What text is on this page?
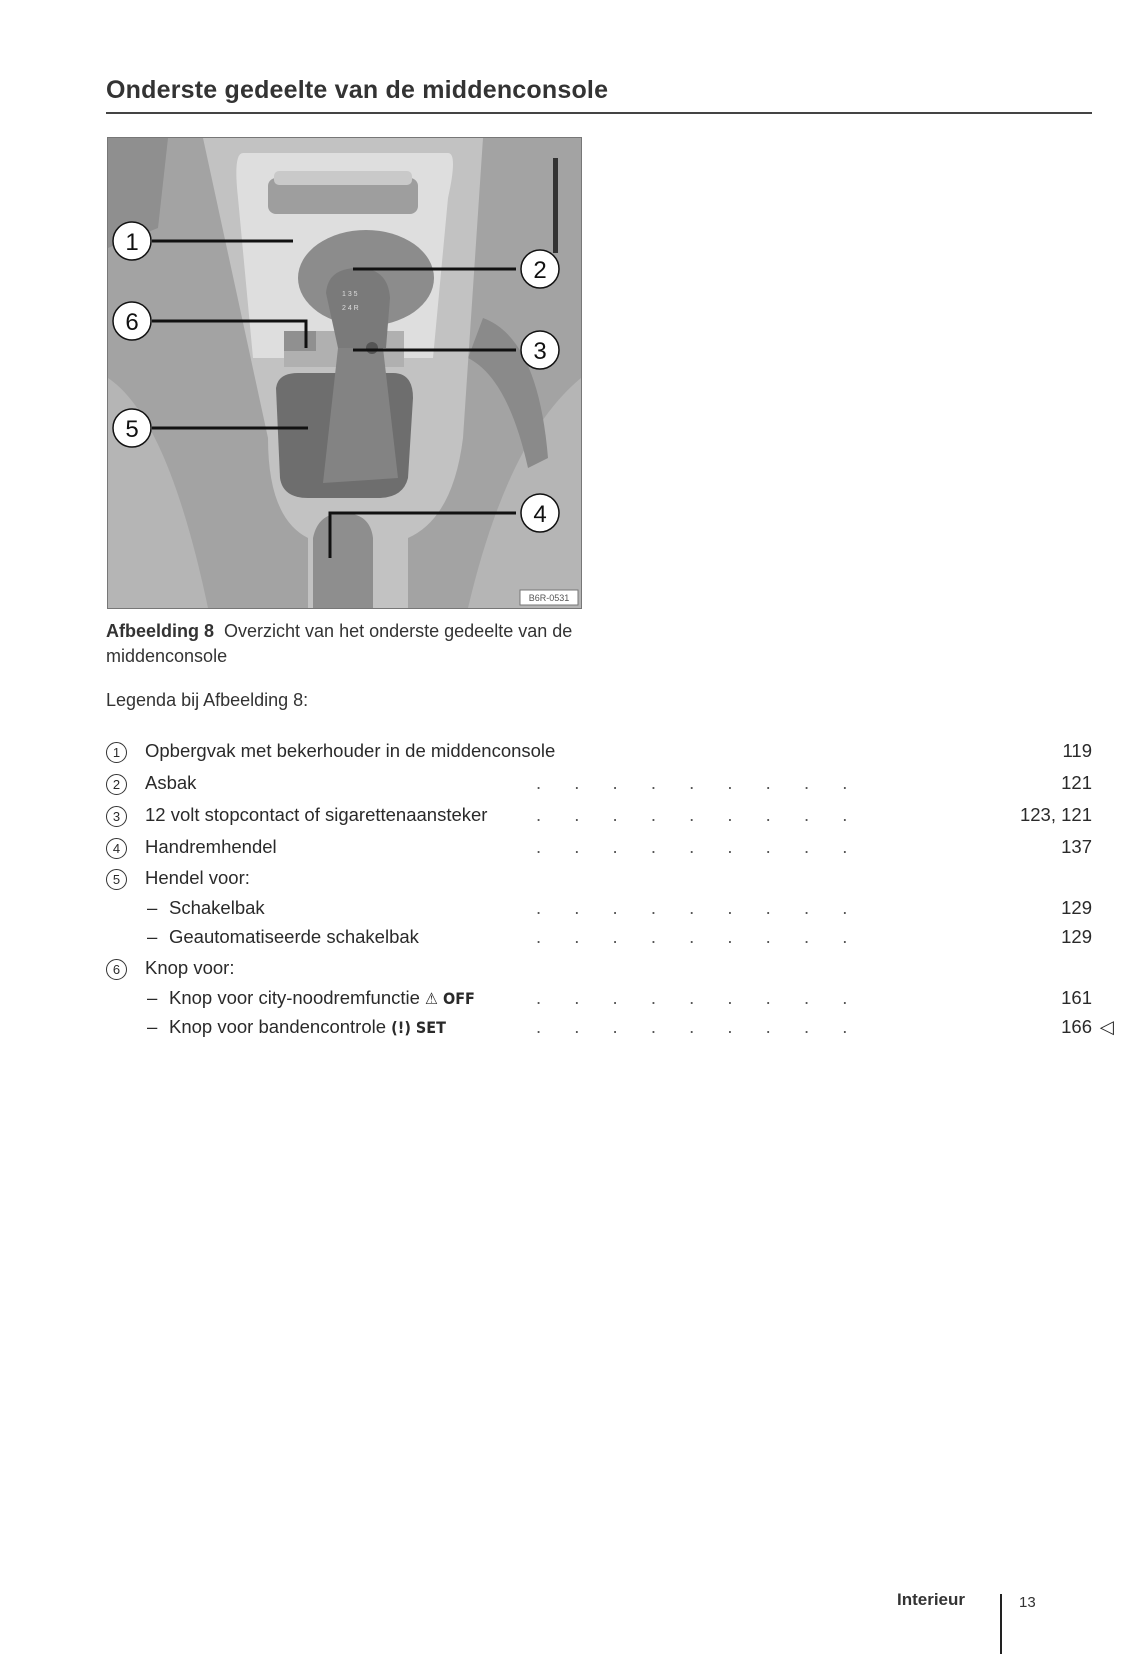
Onderste gedeelte van de middenconsole
1 3 5
2 4 R
1
2
3
4
5
6
B6R-0531
Afbeelding 8 Overzicht van het onderste gedeelte van de middenconsole
Legenda bij Afbeelding 8:
1	Opbergvak met bekerhouder in de middenconsole	119
2	Asbak	. . . . . . . . .	121
3	12 volt stopcontact of sigarettenaansteker	. . . . . . . . .	123, 121
4	Handremhendel	. . . . . . . . .	137
5	Hendel voor:
– Schakelbak	. . . . . . . . .	129
– Geautomatiseerde schakelbak	. . . . . . . . .	129
6	Knop voor:
– Knop voor city-noodremfunctie ⚠ OFF	. . . . . . . . .	161
– Knop voor bandencontrole (!) SET	. . . . . . . . .	166 ◁
Interieur	13
